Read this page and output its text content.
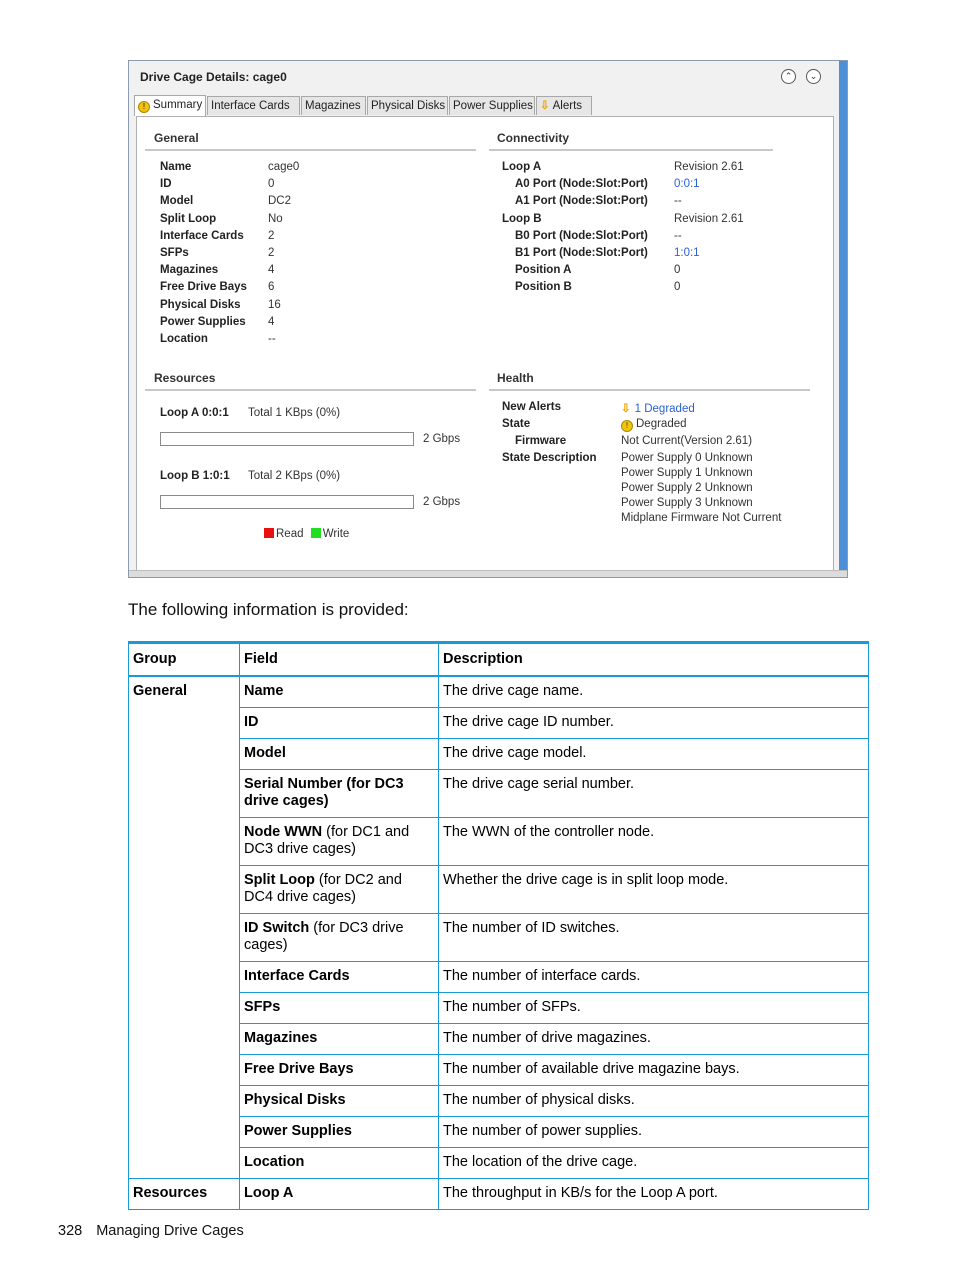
Drive Cage Details: cage0	⌃	⌄
! Summary Interface Cards	Magazines Physical Disks Power Supplies ⇩ Alerts
General
Name	cage0
ID	0
Model	DC2
Split Loop	No
Interface Cards 2
SFPs	2
Magazines	4
Free Drive Bays 6
Physical Disks 16
Power Supplies 4
Location	--
Connectivity
Loop A	Revision 2.61
A0 Port (Node:Slot:Port) 0:0:1
A1 Port (Node:Slot:Port) --
Loop B	Revision 2.61
B0 Port (Node:Slot:Port) --
B1 Port (Node:Slot:Port) 1:0:1
Position A	0
Position B	0
Resources
Loop A 0:0:1 Total 1 KBps (0%)
2 Gbps
Loop B 1:0:1 Total 2 KBps (0%)
2 Gbps
Read Write
Health
New Alerts	⇩ 1 Degraded
State	! Degraded
Firmware	Not Current(Version 2.61)
State Description Power Supply 0 Unknown
Power Supply 1 Unknown
Power Supply 2 Unknown
Power Supply 3 Unknown
Midplane Firmware Not Current
The following information is provided:
Group	Field	Description
General	Name	The drive cage name.
	ID	The drive cage ID number.
	Model	The drive cage model.
	Serial Number (for DC3 drive cages)	The drive cage serial number.
	Node WWN (for DC1 and DC3 drive cages)	The WWN of the controller node.
	Split Loop (for DC2 and DC4 drive cages)	Whether the drive cage is in split loop mode.
	ID Switch (for DC3 drive cages)	The number of ID switches.
	Interface Cards	The number of interface cards.
	SFPs	The number of SFPs.
	Magazines	The number of drive magazines.
	Free Drive Bays	The number of available drive magazine bays.
	Physical Disks	The number of physical disks.
	Power Supplies	The number of power supplies.
	Location	The location of the drive cage.
Resources	Loop A	The throughput in KB/s for the Loop A port.
328 Managing Drive Cages
